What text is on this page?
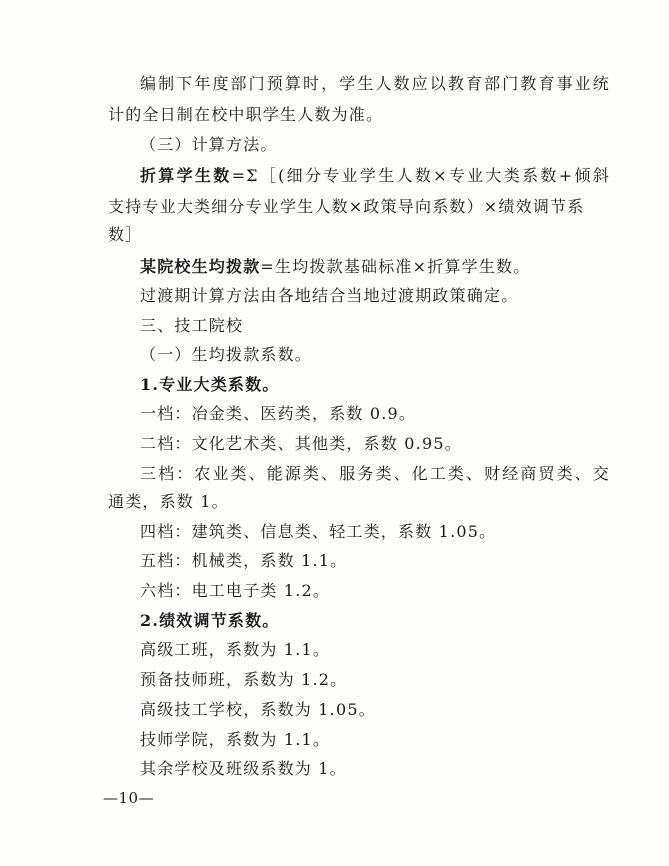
编制下年度部门预算时，学生人数应以教育部门教育事业统
计的全日制在校中职学生人数为准。
（三）计算方法。
折算学生数=Σ［(细分专业学生人数×专业大类系数+倾斜
支持专业大类细分专业学生人数×政策导向系数）×绩效调节系
数］
某院校生均拨款=生均拨款基础标准×折算学生数。
过渡期计算方法由各地结合当地过渡期政策确定。
三、技工院校
（一）生均拨款系数。
1.专业大类系数。
一档：冶金类、医药类，系数 0.9。
二档：文化艺术类、其他类，系数 0.95。
三档：农业类、能源类、服务类、化工类、财经商贸类、交
通类，系数 1。
四档：建筑类、信息类、轻工类，系数 1.05。
五档：机械类，系数 1.1。
六档：电工电子类 1.2。
2.绩效调节系数。
高级工班，系数为 1.1。
预备技师班，系数为 1.2。
高级技工学校，系数为 1.05。
技师学院，系数为 1.1。
其余学校及班级系数为 1。
—10—
